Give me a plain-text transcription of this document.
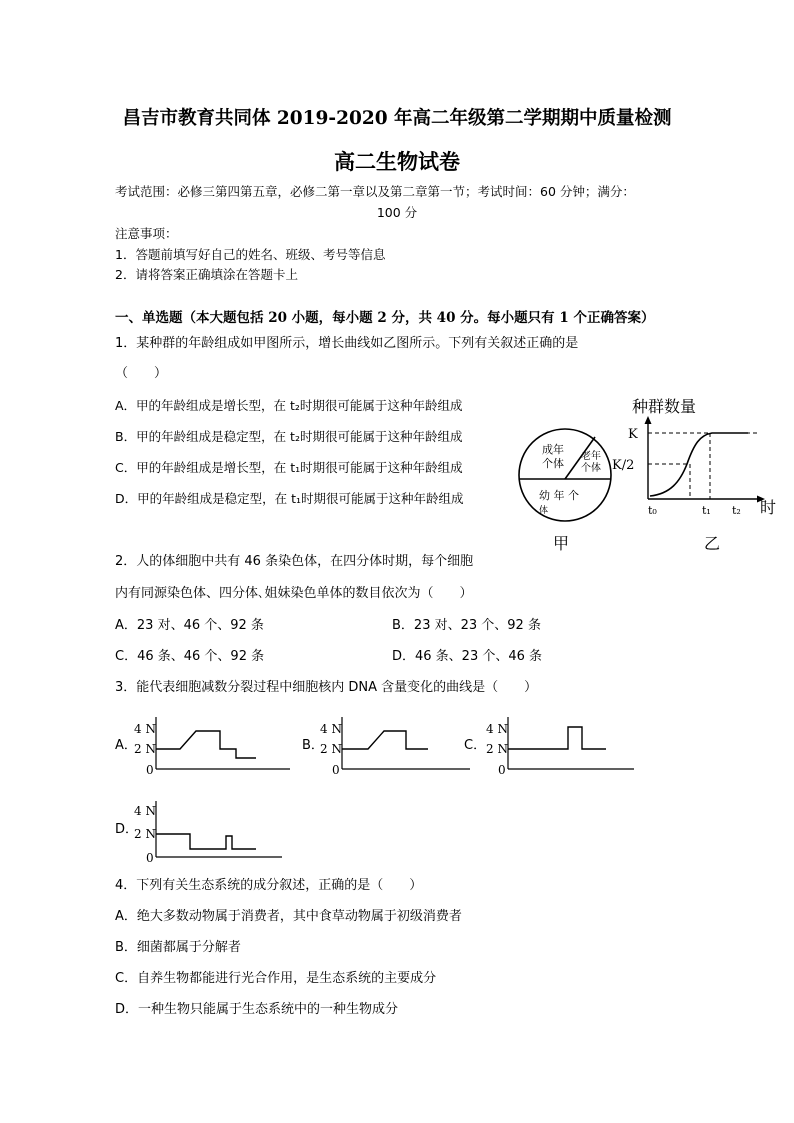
昌吉市教育共同体 2019-2020 年高二年级第二学期期中质量检测
高二生物试卷
考试范围：必修三第四第五章，必修二第一章以及第二章第一节；考试时间：60 分钟；满分：
100 分
注意事项：
1．答题前填写好自己的姓名、班级、考号等信息
2．请将答案正确填涂在答题卡上
一、单选题（本大题包括 20 小题，每小题 2 分，共 40 分。每小题只有 1 个正确答案）
1．某种群的年龄组成如甲图所示，增长曲线如乙图所示。下列有关叙述正确的是
（　　）
A．甲的年龄组成是增长型，在 t₂时期很可能属于这种年龄组成
B．甲的年龄组成是稳定型，在 t₂时期很可能属于这种年龄组成
C．甲的年龄组成是增长型，在 t₁时期很可能属于这种年龄组成
D．甲的年龄组成是稳定型，在 t₁时期很可能属于这种年龄组成
成年
个体
老年
个体
幼 年 个
体
甲
种群数量
K
K/2
t₀	t₁ t₂ 时
乙
2．人的体细胞中共有 46 条染色体，在四分体时期，每个细胞
内有同源染色体、四分体､姐妹染色单体的数目依次为（　　）
A．23 对、46 个、92 条	B．23 对、23 个、92 条
C．46 条、46 个、92 条	D．46 条、23 个、46 条
3．能代表细胞减数分裂过程中细胞核内 DNA 含量变化的曲线是（　　）
A．
4 N
2 N
0
B．
4 N
2 N
0
C．
4 N
2 N
0
D．
4 N
2 N
0
4．下列有关生态系统的成分叙述，正确的是（　　）
A．绝大多数动物属于消费者，其中食草动物属于初级消费者
B．细菌都属于分解者
C．自养生物都能进行光合作用，是生态系统的主要成分
D．一种生物只能属于生态系统中的一种生物成分
